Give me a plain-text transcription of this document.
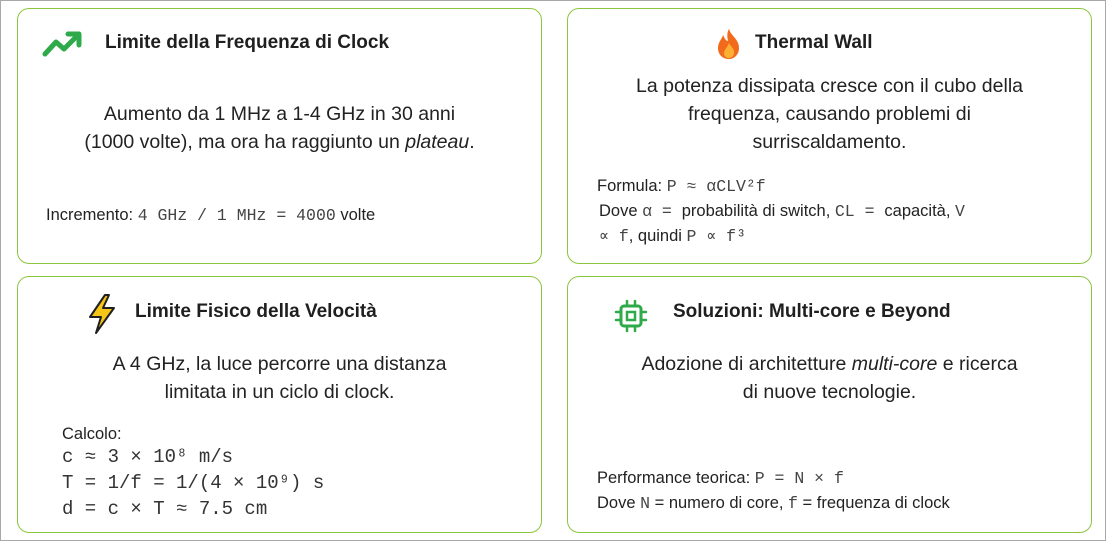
Limite della Frequenza di Clock
Aumento da 1 MHz a 1-4 GHz in 30 anni
(1000 volte), ma ora ha raggiunto un plateau.
Incremento: 4 GHz / 1 MHz = 4000 volte
Thermal Wall
La potenza dissipata cresce con il cubo della
frequenza, causando problemi di
surriscaldamento.
Formula: P ≈ αCLV²f
Dove α = probabilità di switch, CL = capacità, V
∝ f, quindi P ∝ f³
Limite Fisico della Velocità
A 4 GHz, la luce percorre una distanza
limitata in un ciclo di clock.
Calcolo:
c ≈ 3 × 10⁸ m/s
T = 1/f = 1/(4 × 10⁹) s
d = c × T ≈ 7.5 cm
Soluzioni: Multi-core e Beyond
Adozione di architetture multi-core e ricerca
di nuove tecnologie.
Performance teorica: P = N × f
Dove N = numero di core, f = frequenza di clock
